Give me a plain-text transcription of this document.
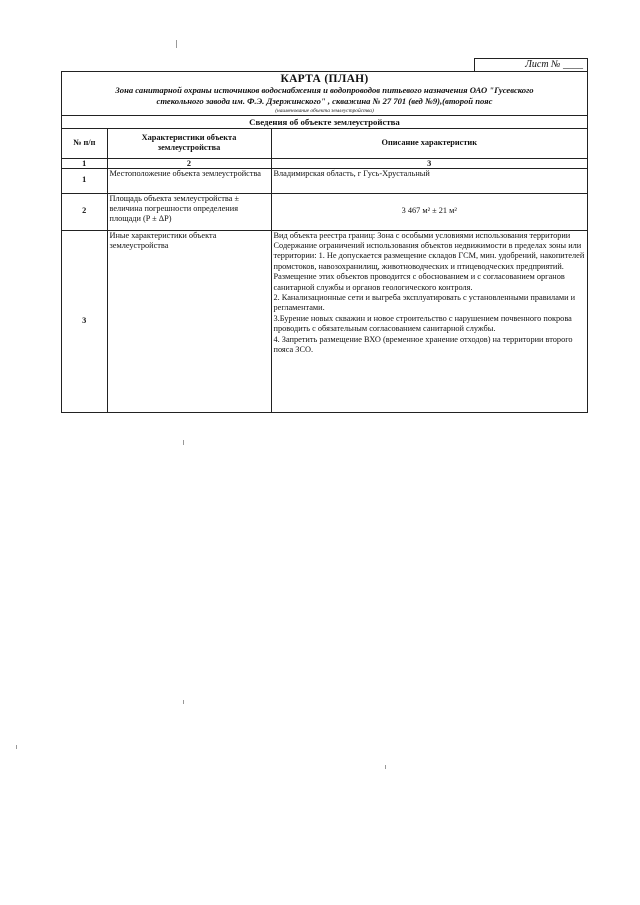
Лист № ____
КАРТА (ПЛАН)
Зона санитарной охраны источников водоснабжения и водопроводов питьевого назначения ОАО "Гусевского
стекольного завода им. Ф.Э. Дзержинского" , скважина № 27 701 (вед №9),(второй пояс
(наименование объекта землеустройства)
Сведения об объекте землеустройства
№ п/п	Характеристики объекта землеустройства	Описание характеристик
1	2	3
1	Местоположение объекта землеустройства	Владимирская область, г Гусь-Хрустальный
2	Площадь объекта землеустройства ± величина погрешности определения площади (P ± ΔP)	3 467 м² ± 21 м²
3	Иные характеристики объекта землеустройства	Вид объекта реестра границ: Зона с особыми условиями использования территории
Содержание ограничений использования объектов недвижимости в пределах зоны или территории: 1. Не допускается размещение складов ГСМ, мин. удобрений, накопителей промстоков, навозохранилищ, животноводческих и птицеводческих предприятий. Размещение этих объектов проводится с обоснованием и с согласованием органов санитарной службы и органов геологического контроля.
2. Канализационные сети и выгреба эксплуатировать с установленными правилами и регламентами.
3.Бурение новых скважин и новое строительство с нарушением почвенного покрова проводить с обязательным согласованием санитарной службы.
4. Запретить размещение ВХО (временное хранение отходов) на территории второго пояса ЗСО.
